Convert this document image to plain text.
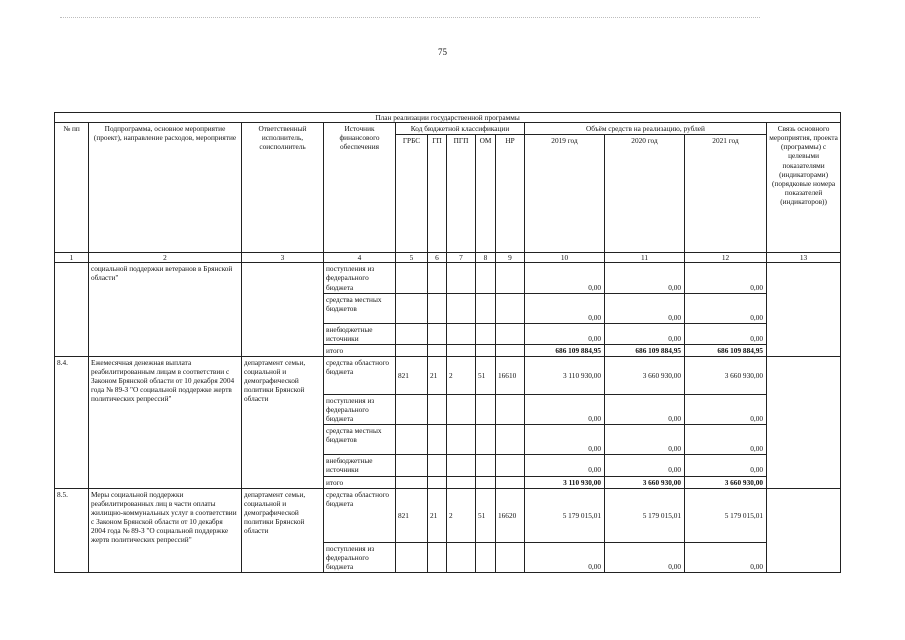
75
План реализации государственной программы												
№ пп	Подпрограмма, основное мероприятие (проект), направление расходов, мероприятие	Ответственный исполнитель, соисполнитель	Источник финансового обеспечения	Код бюджетной классификации					Объём средств на реализацию, рублей			Связь основного мероприятия, проекта (программы) с целевыми показателями (индикаторами) (порядковые номера показателей (индикаторов))
				ГРБС	ГП	ПГП	ОМ	НР	2019 год	2020 год	2021 год	
1	2	3	4	5	6	7	8	9	10	11	12	13
	социальной поддержки ветеранов в Брянской области"		поступления из федерального бюджета						0,00	0,00	0,00	
			средства местных бюджетов						0,00	0,00	0,00	
			внебюджетные источники						0,00	0,00	0,00	
			итого						686 109 884,95	686 109 884,95	686 109 884,95	
8.4.	Ежемесячная денежная выплата реабилитированным лицам в соответствии с Законом Брянской области от 10 декабря 2004 года № 89-З "О социальной поддержке жертв политических репрессий"	департамент семьи, социальной и демографической политики Брянской области	средства областного бюджета	821	21	2	51	16610	3 110 930,00	3 660 930,00	3 660 930,00	
			поступления из федерального бюджета						0,00	0,00	0,00	
			средства местных бюджетов						0,00	0,00	0,00	
			внебюджетные источники						0,00	0,00	0,00	
			итого						3 110 930,00	3 660 930,00	3 660 930,00	
8.5.	Меры социальной поддержки реабилитированных лиц в части оплаты жилищно-коммунальных услуг в соответствии с Законом Брянской области от 10 декабря 2004 года № 89-З "О социальной поддержке жертв политических репрессий"	департамент семьи, социальной и демографической политики Брянской области	средства областного бюджета	821	21	2	51	16620	5 179 015,01	5 179 015,01	5 179 015,01	
			поступления из федерального бюджета						0,00	0,00	0,00	
